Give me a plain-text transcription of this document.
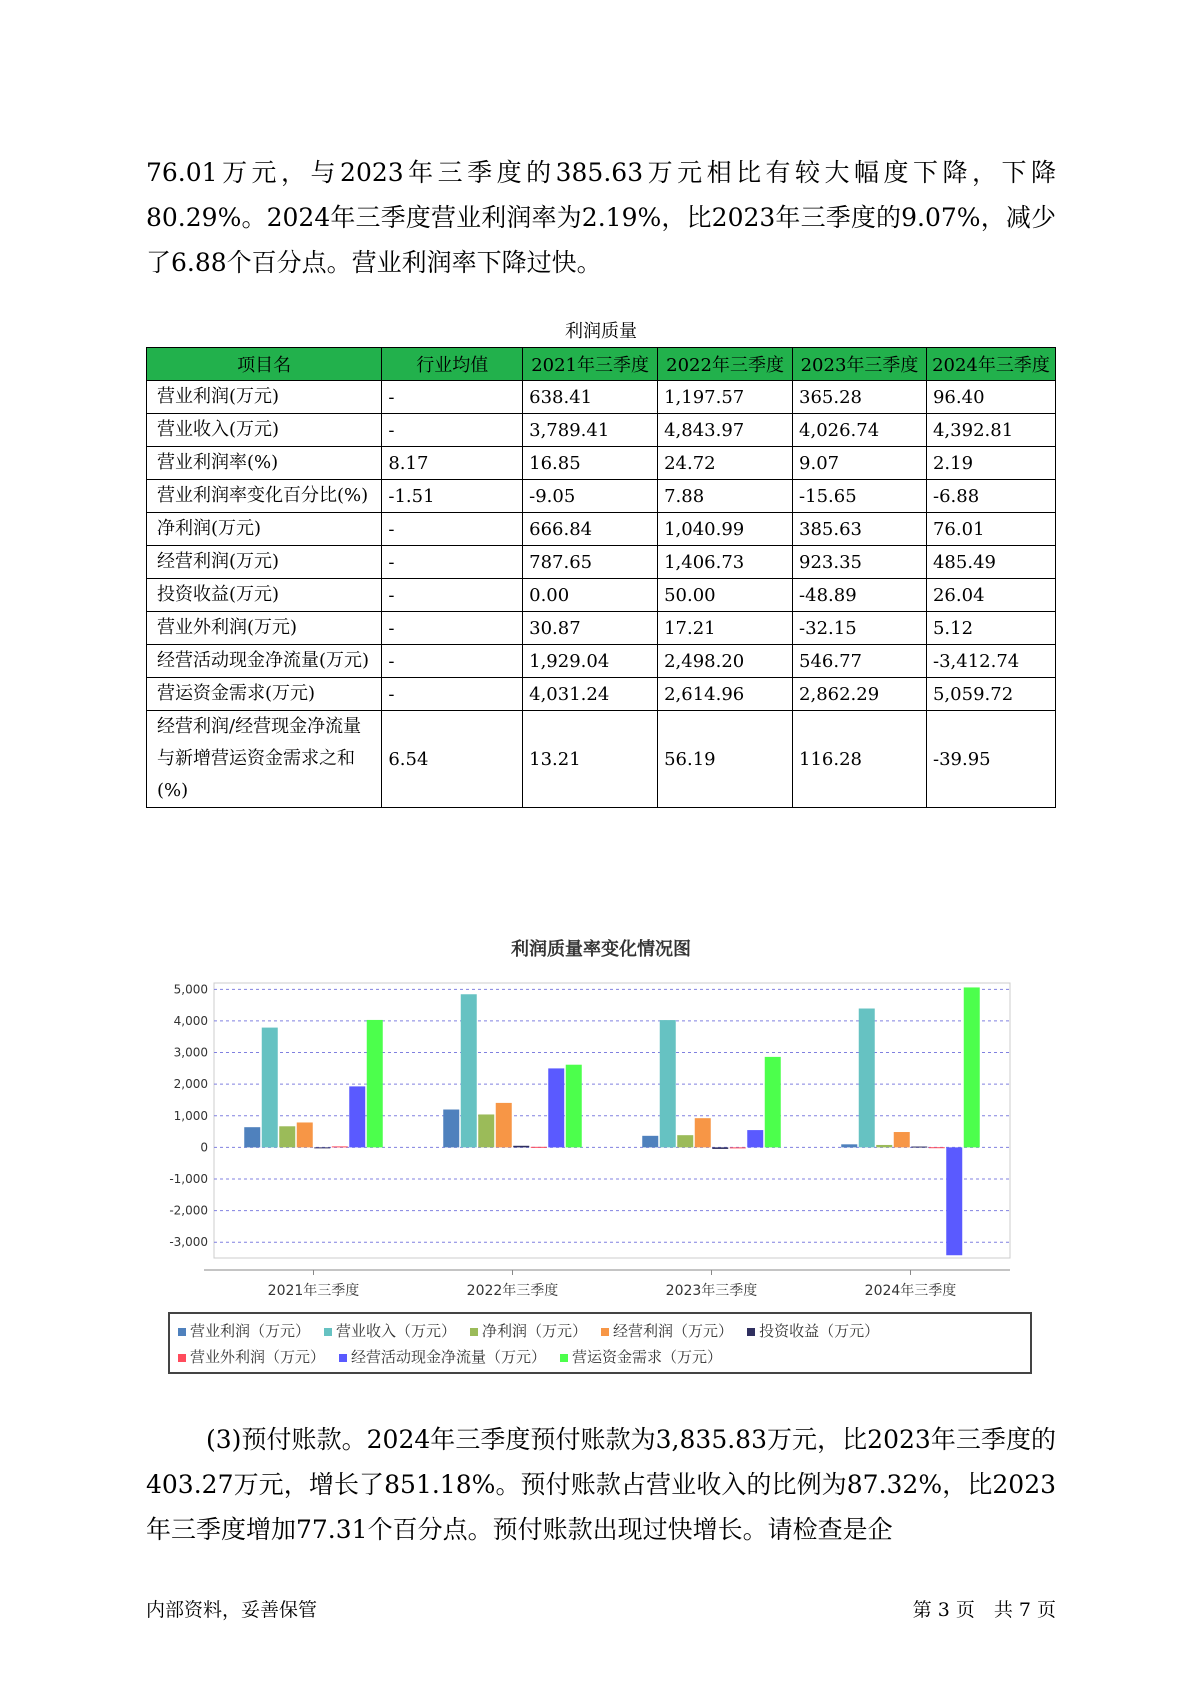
76.01万元，与2023年三季度的385.63万元相比有较大幅度下降，下降80.29%。2024年三季度营业利润率为2.19%，比2023年三季度的9.07%，减少了6.88个百分点。营业利润率下降过快。

利润质量
项目名	行业均值	2021年三季度	2022年三季度	2023年三季度	2024年三季度
营业利润(万元)	-	638.41	1,197.57	365.28	96.40
营业收入(万元)	-	3,789.41	4,843.97	4,026.74	4,392.81
营业利润率(%)	8.17	16.85	24.72	9.07	2.19
营业利润率变化百分比(%)	-1.51	-9.05	7.88	-15.65	-6.88
净利润(万元)	-	666.84	1,040.99	385.63	76.01
经营利润(万元)	-	787.65	1,406.73	923.35	485.49
投资收益(万元)	-	0.00	50.00	-48.89	26.04
营业外利润(万元)	-	30.87	17.21	-32.15	5.12
经营活动现金净流量(万元)	-	1,929.04	2,498.20	546.77	-3,412.74
营运资金需求(万元)	-	4,031.24	2,614.96	2,862.29	5,059.72
经营利润/经营现金净流量与新增营运资金需求之和(%)	6.54	13.21	56.19	116.28	-39.95
利润质量率变化情况图
-3,000
-2,000
-1,000
0
1,000
2,000
3,000
4,000
5,000
2021年三季度	2022年三季度	2023年三季度	2024年三季度
营业利润（万元） 营业收入（万元） 净利润（万元） 经营利润（万元） 投资收益（万元）营业外利润（万元） 经营活动现金净流量（万元） 营运资金需求（万元）

(3)预付账款。2024年三季度预付账款为3,835.83万元，比2023年三季度的403.27万元，增长了851.18%。预付账款占营业收入的比例为87.32%，比2023年三季度增加77.31个百分点。预付账款出现过快增长。请检查是企

内部资料，妥善保管	第 3 页　共 7 页
